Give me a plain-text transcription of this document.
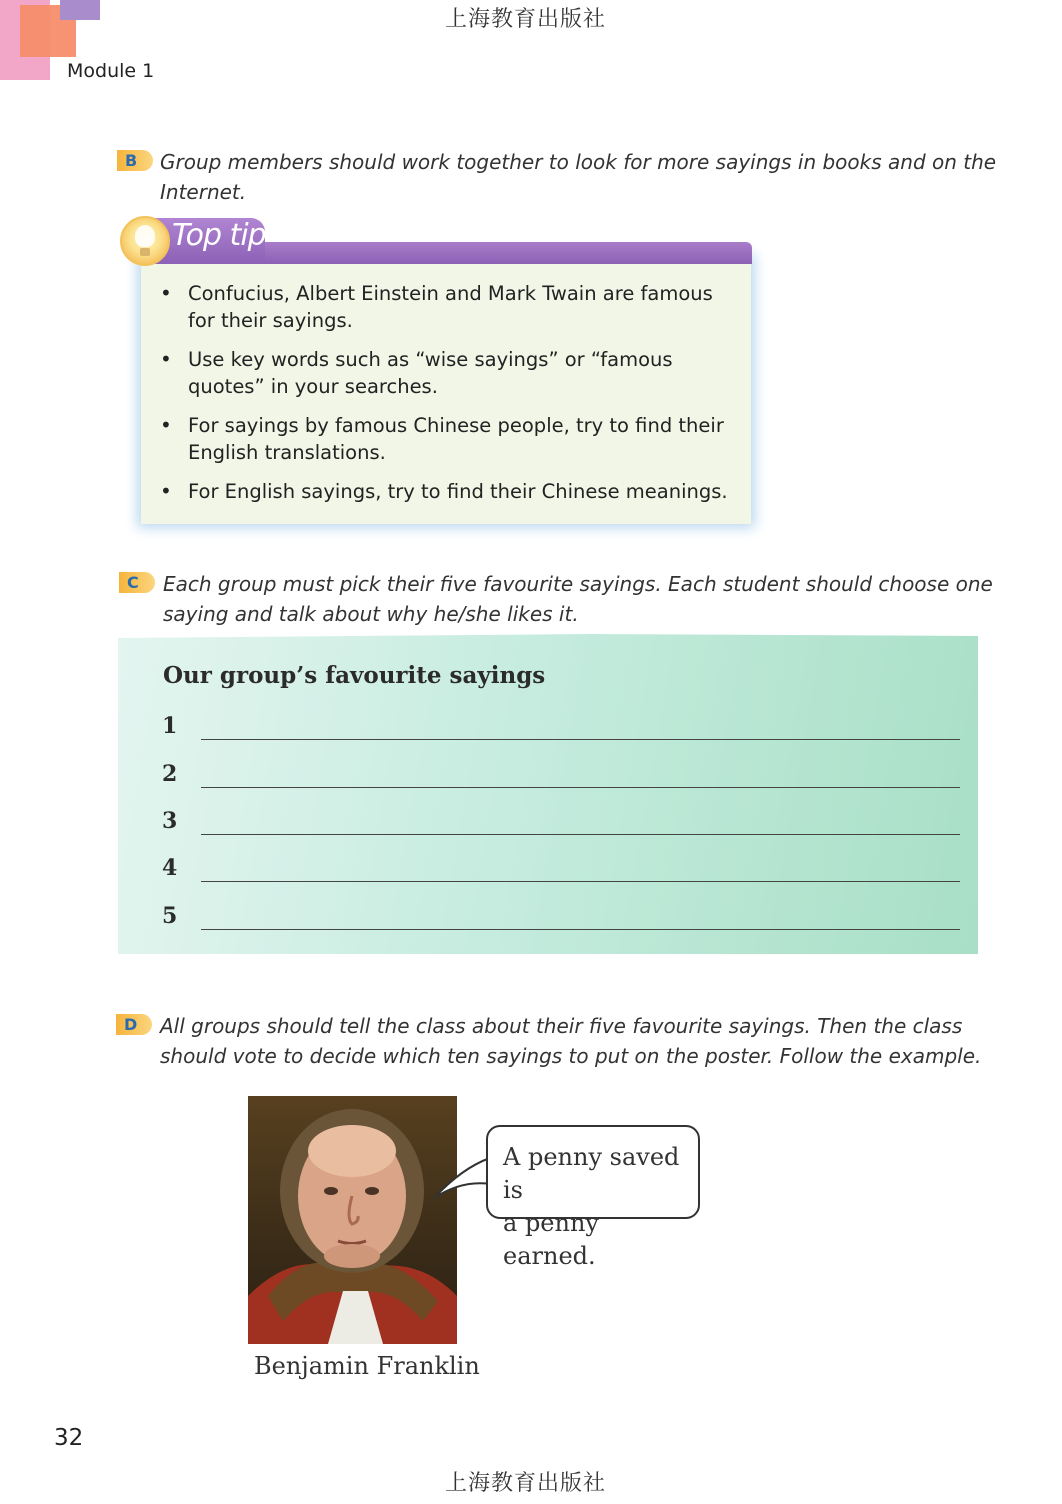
上海教育出版社
Module 1
B	Group members should work together to look for more sayings in books and on the
Internet.
Top tip
• Confucius, Albert Einstein and Mark Twain are famous
for their sayings.
• Use key words such as “wise sayings” or “famous
quotes” in your searches.
• For sayings by famous Chinese people, try to find their
English translations.
• For English sayings, try to find their Chinese meanings.
C	Each group must pick their five favourite sayings. Each student should choose one
saying and talk about why he/she likes it.
Our group’s favourite sayings
1
2
3
4
5
D	All groups should tell the class about their five favourite sayings. Then the class
should vote to decide which ten sayings to put on the poster. Follow the example.
Benjamin Franklin
A penny saved is
a penny earned.
32
上海教育出版社
